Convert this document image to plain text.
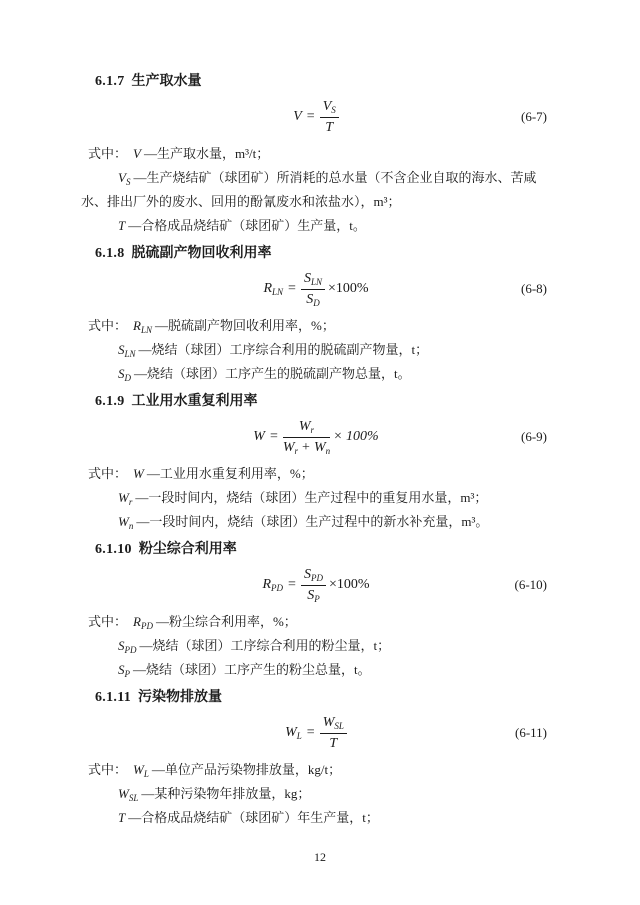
6.1.7 生产取水量
$V = \frac{V_S}{T}$	(6-7)

式中： V —生产取水量，m³/t；

$V_S$ —生产烧结矿（球团矿）所消耗的总水量（不含企业自取的海水、苦咸水、排出厂外的废水、回用的酚氰废水和浓盐水），m³；

T —合格成品烧结矿（球团矿）生产量，t。

6.1.8 脱硫副产物回收利用率
$R_{LN} = \frac{S_{LN}}{S_D} \times 100\%$	(6-8)

式中： $R_{LN}$ —脱硫副产物回收利用率，%；

$S_{LN}$ —烧结（球团）工序综合利用的脱硫副产物量，t；

$S_D$ —烧结（球团）工序产生的脱硫副产物总量，t。

6.1.9 工业用水重复利用率
$W = \frac{W_r}{W_r + W_n} \times 100\%$	(6-9)

式中： W —工业用水重复利用率，%；

$W_r$ —一段时间内，烧结（球团）生产过程中的重复用水量，m³；

$W_n$ —一段时间内，烧结（球团）生产过程中的新水补充量，m³。

6.1.10 粉尘综合利用率
$R_{PD} = \frac{S_{PD}}{S_P} \times 100\%$	(6-10)

式中： $R_{PD}$ —粉尘综合利用率，%；

$S_{PD}$ —烧结（球团）工序综合利用的粉尘量，t；

$S_P$ —烧结（球团）工序产生的粉尘总量，t。

6.1.11 污染物排放量
$W_L = \frac{W_{SL}}{T}$	(6-11)

式中： $W_L$ —单位产品污染物排放量，kg/t；

$W_{SL}$ —某种污染物年排放量，kg；

T —合格成品烧结矿（球团矿）年生产量，t；

12
